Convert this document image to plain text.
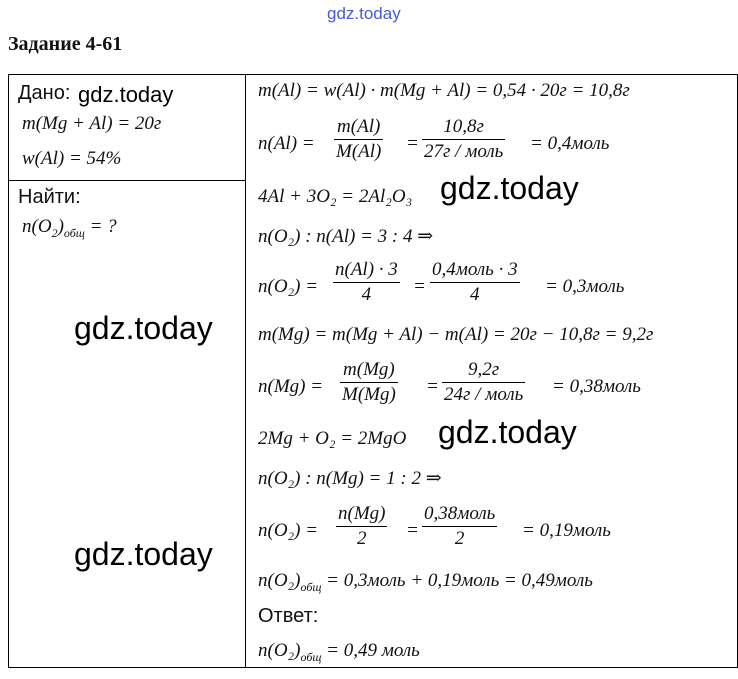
gdz.today
Задание 4-61
Дано: gdz.today
m(Mg + Al) = 20г
w(Al) = 54%
Найти:
$n(O_2)_{общ}$ = ?
m(Al) = w(Al) · m(Mg + Al) = 0,54 · 20г = 10,8г
n(Al) =
m(Al)
M(Al) =
10,8г
27г / моль = 0,4моль
4Al + 3O₂ = 2Al₂O₃ gdz.today
n(O₂) : n(Al) = 3 : 4 ⇒
n(O₂) =
n(Al) · 3
4 =
0,4моль · 3
4	= 0,3моль
gdz.today m(Mg) = m(Mg + Al) − m(Al) = 20г − 10,8г = 9,2г
n(Mg) =
m(Mg)
M(Mg) =
9,2г
24г / моль = 0,38моль
2Mg + O₂ = 2MgO gdz.today
n(O₂) : n(Mg) = 1 : 2 ⇒
n(O₂) =
n(Mg)
2 =
0,38моль
2	= 0,19моль
gdz.today
$n(O_2)_{общ}$ = 0,3моль + 0,19моль = 0,49моль
Ответ:
$n(O_2)_{общ} = 0,49$ моль
